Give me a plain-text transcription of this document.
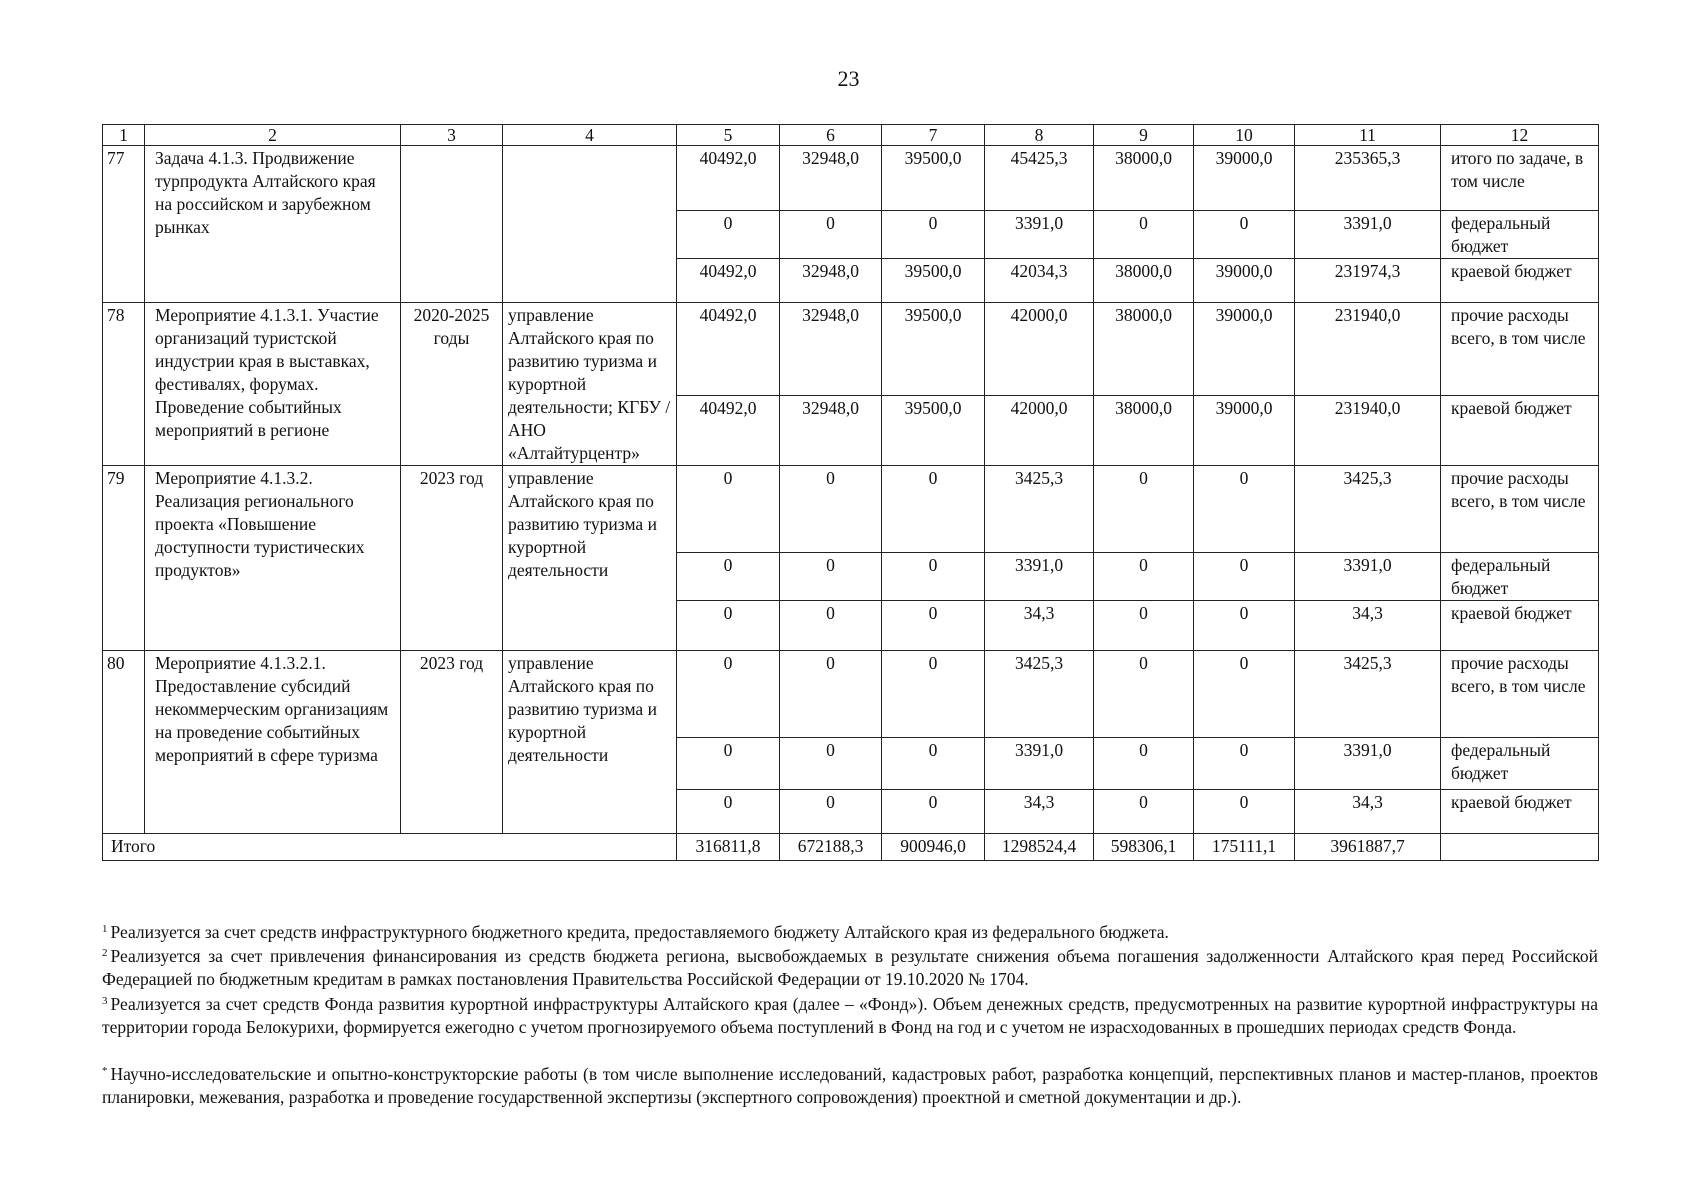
23
1	2	3	4	5	6	7	8	9	10	11	12
77	Задача 4.1.3. Продвижение турпродукта Алтайского края на российском и зарубежном рынках			40492,0	32948,0	39500,0	45425,3	38000,0	39000,0	235365,3	итого по задаче, в том числе
				0	0	0	3391,0	0	0	3391,0	федеральный бюджет
				40492,0	32948,0	39500,0	42034,3	38000,0	39000,0	231974,3	краевой бюджет
78	Мероприятие 4.1.3.1. Участие организаций туристской индустрии края в выставках, фестивалях, форумах. Проведение событийных мероприятий в регионе	2020-2025 годы	управление Алтайского края по развитию туризма и курортной деятельности; КГБУ / АНО «Алтайтурцентр»	40492,0	32948,0	39500,0	42000,0	38000,0	39000,0	231940,0	прочие расходы всего, в том числе
				40492,0	32948,0	39500,0	42000,0	38000,0	39000,0	231940,0	краевой бюджет
79	Мероприятие 4.1.3.2. Реализация регионального проекта «Повышение доступности туристических продуктов»	2023 год	управление Алтайского края по развитию туризма и курортной деятельности	0	0	0	3425,3	0	0	3425,3	прочие расходы всего, в том числе
				0	0	0	3391,0	0	0	3391,0	федеральный бюджет
				0	0	0	34,3	0	0	34,3	краевой бюджет
80	Мероприятие 4.1.3.2.1. Предоставление субсидий некоммерческим организациям на проведение событийных мероприятий в сфере туризма	2023 год	управление Алтайского края по развитию туризма и курортной деятельности	0	0	0	3425,3	0	0	3425,3	прочие расходы всего, в том числе
				0	0	0	3391,0	0	0	3391,0	федеральный бюджет
				0	0	0	34,3	0	0	34,3	краевой бюджет
Итого				316811,8	672188,3	900946,0	1298524,4	598306,1	175111,1	3961887,7	
$^1$ Реализуется за счет средств инфраструктурного бюджетного кредита, предоставляемого бюджету Алтайского края из федерального бюджета.
$^2$ Реализуется за счет привлечения финансирования из средств бюджета региона, высвобождаемых в результате снижения объема погашения задолженности Алтайского края перед Российской Федерацией по бюджетным кредитам в рамках постановления Правительства Российской Федерации от 19.10.2020 № 1704.
$^3$ Реализуется за счет средств Фонда развития курортной инфраструктуры Алтайского края (далее – «Фонд»). Объем денежных средств, предусмотренных на развитие курортной инфраструктуры на территории города Белокурихи, формируется ежегодно с учетом прогнозируемого объема поступлений в Фонд на год и с учетом не израсходованных в прошедших периодах средств Фонда.
* Научно-исследовательские и опытно-конструкторские работы (в том числе выполнение исследований, кадастровых работ, разработка концепций, перспективных планов и мастер-планов, проектов планировки, межевания, разработка и проведение государственной экспертизы (экспертного сопровождения) проектной и сметной документации и др.).
